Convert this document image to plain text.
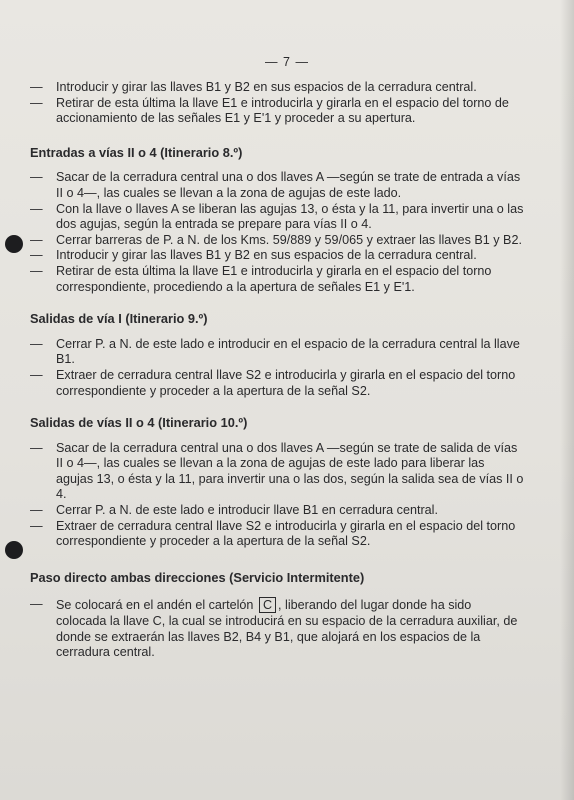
— 7 —
— Introducir y girar las llaves B1 y B2 en sus espacios de la cerradura central.
— Retirar de esta última la llave E1 e introducirla y girarla en el espacio del torno de accionamiento de las señales E1 y E'1 y proceder a su apertura.
Entradas a vías II o 4 (Itinerario 8.º)
— Sacar de la cerradura central una o dos llaves A —según se trate de entrada a vías II o 4—, las cuales se llevan a la zona de agujas de este lado.
— Con la llave o llaves A se liberan las agujas 13, o ésta y la 11, para invertir una o las dos agujas, según la entrada se prepare para vías II o 4.
— Cerrar barreras de P. a N. de los Kms. 59/889 y 59/065 y extraer las llaves B1 y B2.
— Introducir y girar las llaves B1 y B2 en sus espacios de la cerradura central.
— Retirar de esta última la llave E1 e introducirla y girarla en el espacio del torno correspondiente, procediendo a la apertura de señales E1 y E'1.
Salidas de vía I (Itinerario 9.º)
— Cerrar P. a N. de este lado e introducir en el espacio de la cerradura central la llave B1.
— Extraer de cerradura central llave S2 e introducirla y girarla en el espacio del torno correspondiente y proceder a la apertura de la señal S2.
Salidas de vías II o 4 (Itinerario 10.º)
— Sacar de la cerradura central una o dos llaves A —según se trate de salida de vías II o 4—, las cuales se llevan a la zona de agujas de este lado para liberar las agujas 13, o ésta y la 11, para invertir una o las dos, según la salida sea de vías II o 4.
— Cerrar P. a N. de este lado e introducir llave B1 en cerradura central.
— Extraer de cerradura central llave S2 e introducirla y girarla en el espacio del torno correspondiente y proceder a la apertura de la señal S2.
Paso directo ambas direcciones (Servicio Intermitente)
— Se colocará en el andén el cartelón C , liberando del lugar donde ha sido colocada la llave C, la cual se introducirá en su espacio de la cerradura auxiliar, de donde se extraerán las llaves B2, B4 y B1, que alojará en los espacios de la cerradura central.
